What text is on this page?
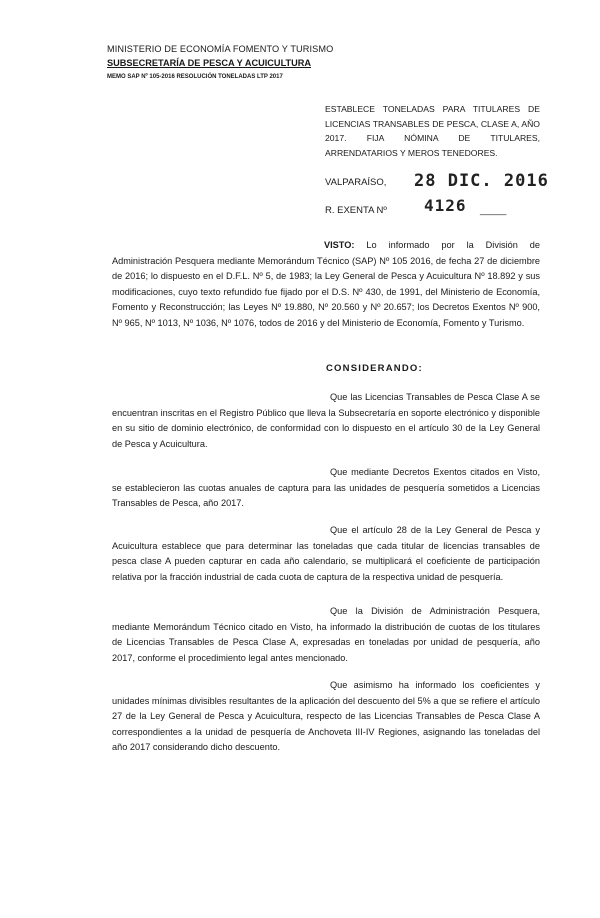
MINISTERIO DE ECONOMÍA FOMENTO Y TURISMO
SUBSECRETARÍA DE PESCA Y ACUICULTURA
MEMO SAP Nº 105-2016 RESOLUCIÓN TONELADAS LTP 2017
ESTABLECE TONELADAS PARA TITULARES DE LICENCIAS TRANSABLES DE PESCA, CLASE A, AÑO 2017. FIJA NÓMINA DE TITULARES, ARRENDATARIOS Y MEROS TENEDORES.
VALPARAÍSO, 28 DIC. 2016
R. EXENTA Nº 4126 _____
VISTO: Lo informado por la División de Administración Pesquera mediante Memorándum Técnico (SAP) Nº 105 2016, de fecha 27 de diciembre de 2016; lo dispuesto en el D.F.L. Nº 5, de 1983; la Ley General de Pesca y Acuicultura Nº 18.892 y sus modificaciones, cuyo texto refundido fue fijado por el D.S. Nº 430, de 1991, del Ministerio de Economía, Fomento y Reconstrucción; las Leyes Nº 19.880, Nº 20.560 y Nº 20.657; los Decretos Exentos Nº 900, Nº 965, Nº 1013, Nº 1036, Nº 1076, todos de 2016 y del Ministerio de Economía, Fomento y Turismo.
CONSIDERANDO:
Que las Licencias Transables de Pesca Clase A se encuentran inscritas en el Registro Público que lleva la Subsecretaría en soporte electrónico y disponible en su sitio de dominio electrónico, de conformidad con lo dispuesto en el artículo 30 de la Ley General de Pesca y Acuicultura.
Que mediante Decretos Exentos citados en Visto, se establecieron las cuotas anuales de captura para las unidades de pesquería sometidos a Licencias Transables de Pesca, año 2017.
Que el artículo 28 de la Ley General de Pesca y Acuicultura establece que para determinar las toneladas que cada titular de licencias transables de pesca clase A pueden capturar en cada año calendario, se multiplicará el coeficiente de participación relativa por la fracción industrial de cada cuota de captura de la respectiva unidad de pesquería.
Que la División de Administración Pesquera, mediante Memorándum Técnico citado en Visto, ha informado la distribución de cuotas de los titulares de Licencias Transables de Pesca Clase A, expresadas en toneladas por unidad de pesquería, año 2017, conforme el procedimiento legal antes mencionado.
Que asimismo ha informado los coeficientes y unidades mínimas divisibles resultantes de la aplicación del descuento del 5% a que se refiere el artículo 27 de la Ley General de Pesca y Acuicultura, respecto de las Licencias Transables de Pesca Clase A correspondientes a la unidad de pesquería de Anchoveta III-IV Regiones, asignando las toneladas del año 2017 considerando dicho descuento.
